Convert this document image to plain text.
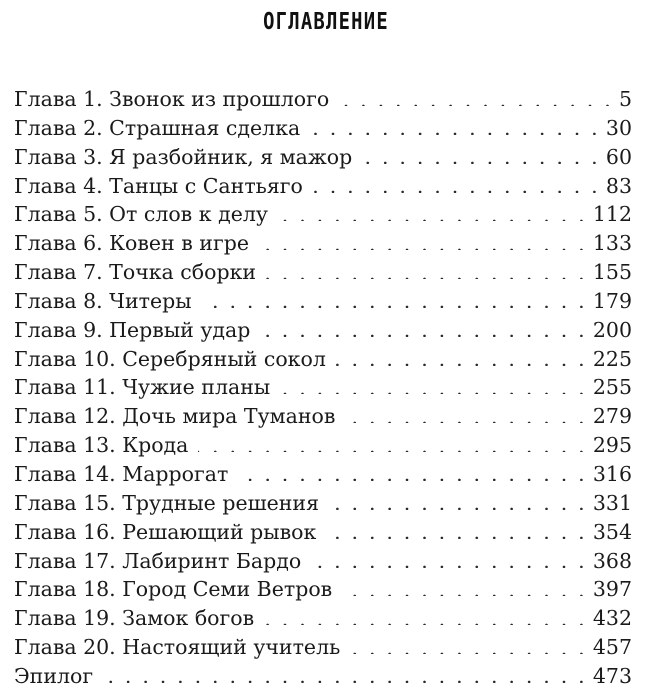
ОГЛАВЛЕНИЕ
Глава 1. Звонок из прошлого . . .	5
Глава 2. Страшная сделка . . .	30
Глава 3. Я разбойник, я мажор . . .	60
Глава 4. Танцы с Сантьяго . . .	83
Глава 5. От слов к делу . . .	112
Глава 6. Ковен в игре . . .	133
Глава 7. Точка сборки . . .	155
Глава 8. Читеры . . .	179
Глава 9. Первый удар . . .	200
Глава 10. Серебряный сокол . . .	225
Глава 11. Чужие планы . . .	255
Глава 12. Дочь мира Туманов . . .	279
Глава 13. Крода . . .	295
Глава 14. Маррогат . . .	316
Глава 15. Трудные решения . . .	331
Глава 16. Решающий рывок . . .	354
Глава 17. Лабиринт Бардо . . .	368
Глава 18. Город Семи Ветров . . .	397
Глава 19. Замок богов . . .	432
Глава 20. Настоящий учитель . . .	457
Эпилог . . .	473
